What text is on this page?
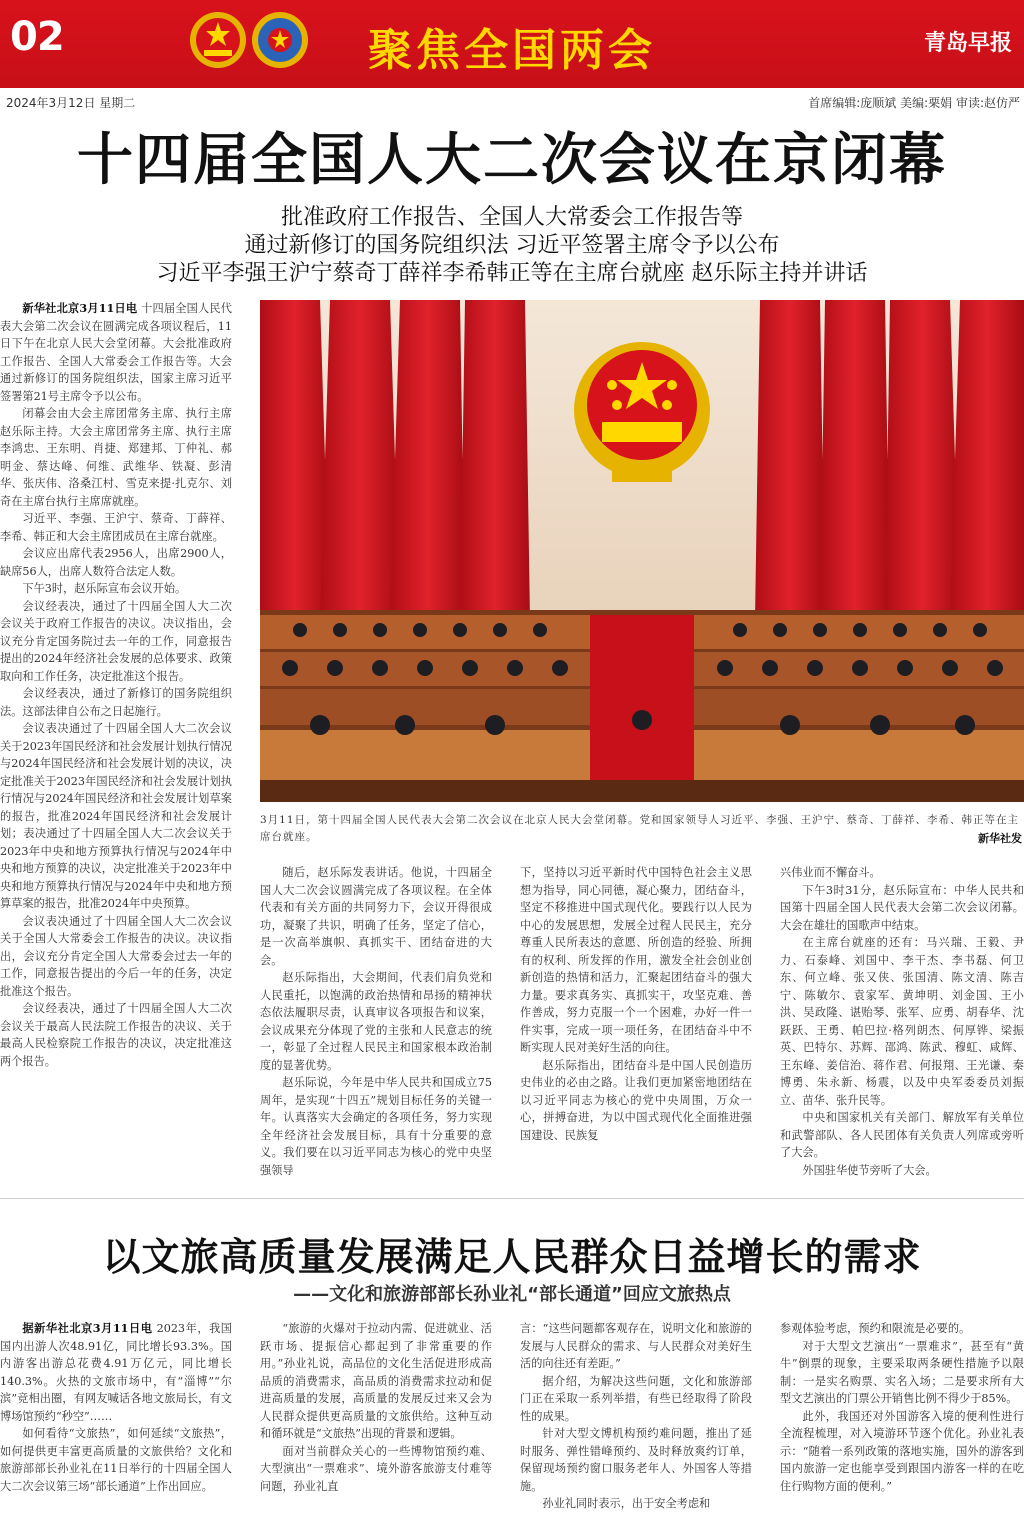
02	聚焦全国两会	青岛早报
2024年3月12日 星期二	首席编辑:庞顺斌 美编:栗娟 审读:赵仿严
十四届全国人大二次会议在京闭幕
批准政府工作报告、全国人大常委会工作报告等
通过新修订的国务院组织法 习近平签署主席令予以公布
习近平李强王沪宁蔡奇丁薛祥李希韩正等在主席台就座 赵乐际主持并讲话

新华社北京3月11日电 十四届全国人民代表大会第二次会议在圆满完成各项议程后，11日下午在北京人民大会堂闭幕。大会批准政府工作报告、全国人大常委会工作报告等。大会通过新修订的国务院组织法，国家主席习近平签署第21号主席令予以公布。

闭幕会由大会主席团常务主席、执行主席赵乐际主持。大会主席团常务主席、执行主席李鸿忠、王东明、肖捷、郑建邦、丁仲礼、郝明金、蔡达峰、何维、武维华、铁凝、彭清华、张庆伟、洛桑江村、雪克来提·扎克尔、刘奇在主席台执行主席席就座。

习近平、李强、王沪宁、蔡奇、丁薛祥、李希、韩正和大会主席团成员在主席台就座。

会议应出席代表2956人，出席2900人，缺席56人，出席人数符合法定人数。

下午3时，赵乐际宣布会议开始。

会议经表决，通过了十四届全国人大二次会议关于政府工作报告的决议。决议指出，会议充分肯定国务院过去一年的工作，同意报告提出的2024年经济社会发展的总体要求、政策取向和工作任务，决定批准这个报告。

会议经表决，通过了新修订的国务院组织法。这部法律自公布之日起施行。

会议表决通过了十四届全国人大二次会议关于2023年国民经济和社会发展计划执行情况与2024年国民经济和社会发展计划的决议，决定批准关于2023年国民经济和社会发展计划执行情况与2024年国民经济和社会发展计划草案的报告，批准2024年国民经济和社会发展计划；表决通过了十四届全国人大二次会议关于2023年中央和地方预算执行情况与2024年中央和地方预算的决议，决定批准关于2023年中央和地方预算执行情况与2024年中央和地方预算草案的报告，批准2024年中央预算。

会议表决通过了十四届全国人大二次会议关于全国人大常委会工作报告的决议。决议指出，会议充分肯定全国人大常委会过去一年的工作，同意报告提出的今后一年的任务，决定批准这个报告。

会议经表决，通过了十四届全国人大二次会议关于最高人民法院工作报告的决议、关于最高人民检察院工作报告的决议，决定批准这两个报告。

3月11日，第十四届全国人民代表大会第二次会议在北京人民大会堂闭幕。党和国家领导人习近平、李强、王沪宁、蔡奇、丁薛祥、李希、韩正等在主席台就座。	新华社发

随后，赵乐际发表讲话。他说，十四届全国人大二次会议圆满完成了各项议程。在全体代表和有关方面的共同努力下，会议开得很成功，凝聚了共识，明确了任务，坚定了信心，是一次高举旗帜、真抓实干、团结奋进的大会。

赵乐际指出，大会期间，代表们肩负党和人民重托，以饱满的政治热情和昂扬的精神状态依法履职尽责，认真审议各项报告和议案，会议成果充分体现了党的主张和人民意志的统一，彰显了全过程人民民主和国家根本政治制度的显著优势。

赵乐际说，今年是中华人民共和国成立75周年，是实现“十四五”规划目标任务的关键一年。认真落实大会确定的各项任务，努力实现全年经济社会发展目标，具有十分重要的意义。我们要在以习近平同志为核心的党中央坚强领导

下，坚持以习近平新时代中国特色社会主义思想为指导，同心同德，凝心聚力，团结奋斗，坚定不移推进中国式现代化。要践行以人民为中心的发展思想，发展全过程人民民主，充分尊重人民所表达的意愿、所创造的经验、所拥有的权利、所发挥的作用，激发全社会创业创新创造的热情和活力，汇聚起团结奋斗的强大力量。要求真务实、真抓实干，攻坚克难、善作善成，努力克服一个一个困难，办好一件一件实事，完成一项一项任务，在团结奋斗中不断实现人民对美好生活的向往。

赵乐际指出，团结奋斗是中国人民创造历史伟业的必由之路。让我们更加紧密地团结在以习近平同志为核心的党中央周围，万众一心，拼搏奋进，为以中国式现代化全面推进强国建设、民族复

兴伟业而不懈奋斗。

下午3时31分，赵乐际宣布：中华人民共和国第十四届全国人民代表大会第二次会议闭幕。大会在雄壮的国歌声中结束。

在主席台就座的还有：马兴瑞、王毅、尹力、石泰峰、刘国中、李干杰、李书磊、何卫东、何立峰、张又侠、张国清、陈文清、陈吉宁、陈敏尔、袁家军、黄坤明、刘金国、王小洪、吴政隆、谌贻琴、张军、应勇、胡春华、沈跃跃、王勇、帕巴拉·格列朗杰、何厚铧、梁振英、巴特尔、苏辉、邵鸿、陈武、穆虹、咸辉、王东峰、姜信治、蒋作君、何报翔、王光谦、秦博勇、朱永新、杨震，以及中央军委委员刘振立、苗华、张升民等。

中央和国家机关有关部门、解放军有关单位和武警部队、各人民团体有关负责人列席或旁听了大会。

外国驻华使节旁听了大会。

以文旅高质量发展满足人民群众日益增长的需求
——文化和旅游部部长孙业礼“部长通道”回应文旅热点

据新华社北京3月11日电 2023年，我国国内出游人次48.91亿，同比增长93.3%。国内游客出游总花费4.91万亿元，同比增长140.3%。火热的文旅市场中，有“淄博”“尔滨”竞相出圈，有网友喊话各地文旅局长，有文博场馆预约“秒空”……

如何看待“文旅热”，如何延续“文旅热”，如何提供更丰富更高质量的文旅供给？文化和旅游部部长孙业礼在11日举行的十四届全国人大二次会议第三场“部长通道”上作出回应。

“旅游的火爆对于拉动内需、促进就业、活跃市场、提振信心都起到了非常重要的作用。”孙业礼说，高品位的文化生活促进形成高品质的消费需求，高品质的消费需求拉动和促进高质量的发展，高质量的发展反过来又会为人民群众提供更高质量的文旅供给。这种互动和循环就是“文旅热”出现的背景和逻辑。

面对当前群众关心的一些博物馆预约难、大型演出“一票难求”、境外游客旅游支付难等问题，孙业礼直

言：“这些问题都客观存在，说明文化和旅游的发展与人民群众的需求、与人民群众对美好生活的向往还有差距。”

据介绍，为解决这些问题，文化和旅游部门正在采取一系列举措，有些已经取得了阶段性的成果。

针对大型文博机构预约难问题，推出了延时服务、弹性错峰预约、及时释放爽约订单，保留现场预约窗口服务老年人、外国客人等措施。

孙业礼同时表示，出于安全考虑和

参观体验考虑，预约和限流是必要的。

对于大型文艺演出“一票难求”，甚至有“黄牛”倒票的现象，主要采取两条硬性措施予以限制：一是实名购票、实名入场；二是要求所有大型文艺演出的门票公开销售比例不得少于85%。

此外，我国还对外国游客入境的便利性进行全流程梳理，对入境游环节逐个优化。孙业礼表示：“随着一系列政策的落地实施，国外的游客到国内旅游一定也能享受到跟国内游客一样的在吃住行购物方面的便利。”
